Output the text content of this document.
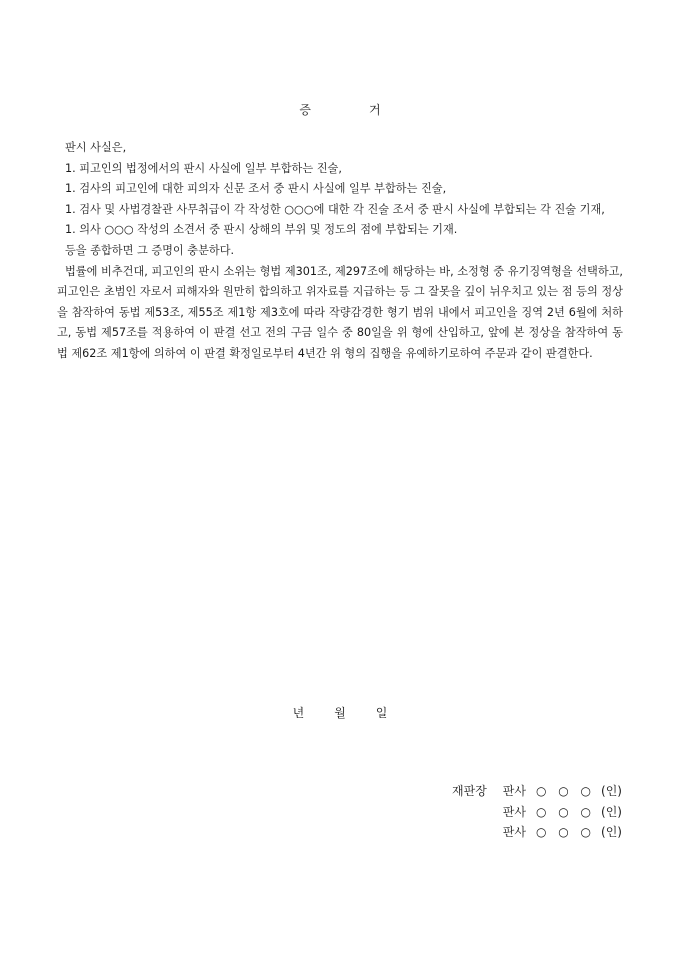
증	거

판시 사실은,

1. 피고인의 법정에서의 판시 사실에 일부 부합하는 진술,

1. 검사의 피고인에 대한 피의자 신문 조서 중 판시 사실에 일부 부합하는 진술,

1. 검사 및 사법경찰관 사무취급이 각 작성한 ○○○에 대한 각 진술 조서 중 판시 사실에 부합되는 각 진술 기재,

1. 의사 ○○○ 작성의 소견서 중 판시 상해의 부위 및 정도의 점에 부합되는 기재.

등을 종합하면 그 증명이 충분하다.

법률에 비추건대, 피고인의 판시 소위는 형법 제301조, 제297조에 해당하는 바, 소정형 중 유기징역형을 선택하고, 피고인은 초범인 자로서 피해자와 원만히 합의하고 위자료를 지급하는 등 그 잘못을 깊이 뉘우치고 있는 점 등의 정상을 참작하여 동법 제53조, 제55조 제1항 제3호에 따라 작량감경한 형기 범위 내에서 피고인을 징역 2년 6월에 처하고, 동법 제57조를 적용하여 이 판결 선고 전의 구금 일수 중 80일을 위 형에 산입하고, 앞에 본 정상을 참작하여 동법 제62조 제1항에 의하여 이 판결 확정일로부터 4년간 위 형의 집행을 유예하기로하여 주문과 같이 판결한다.

년	월	일
재판장 판사 ○ ○ ○ (인)
판사 ○ ○ ○ (인)
판사 ○ ○ ○ (인)
